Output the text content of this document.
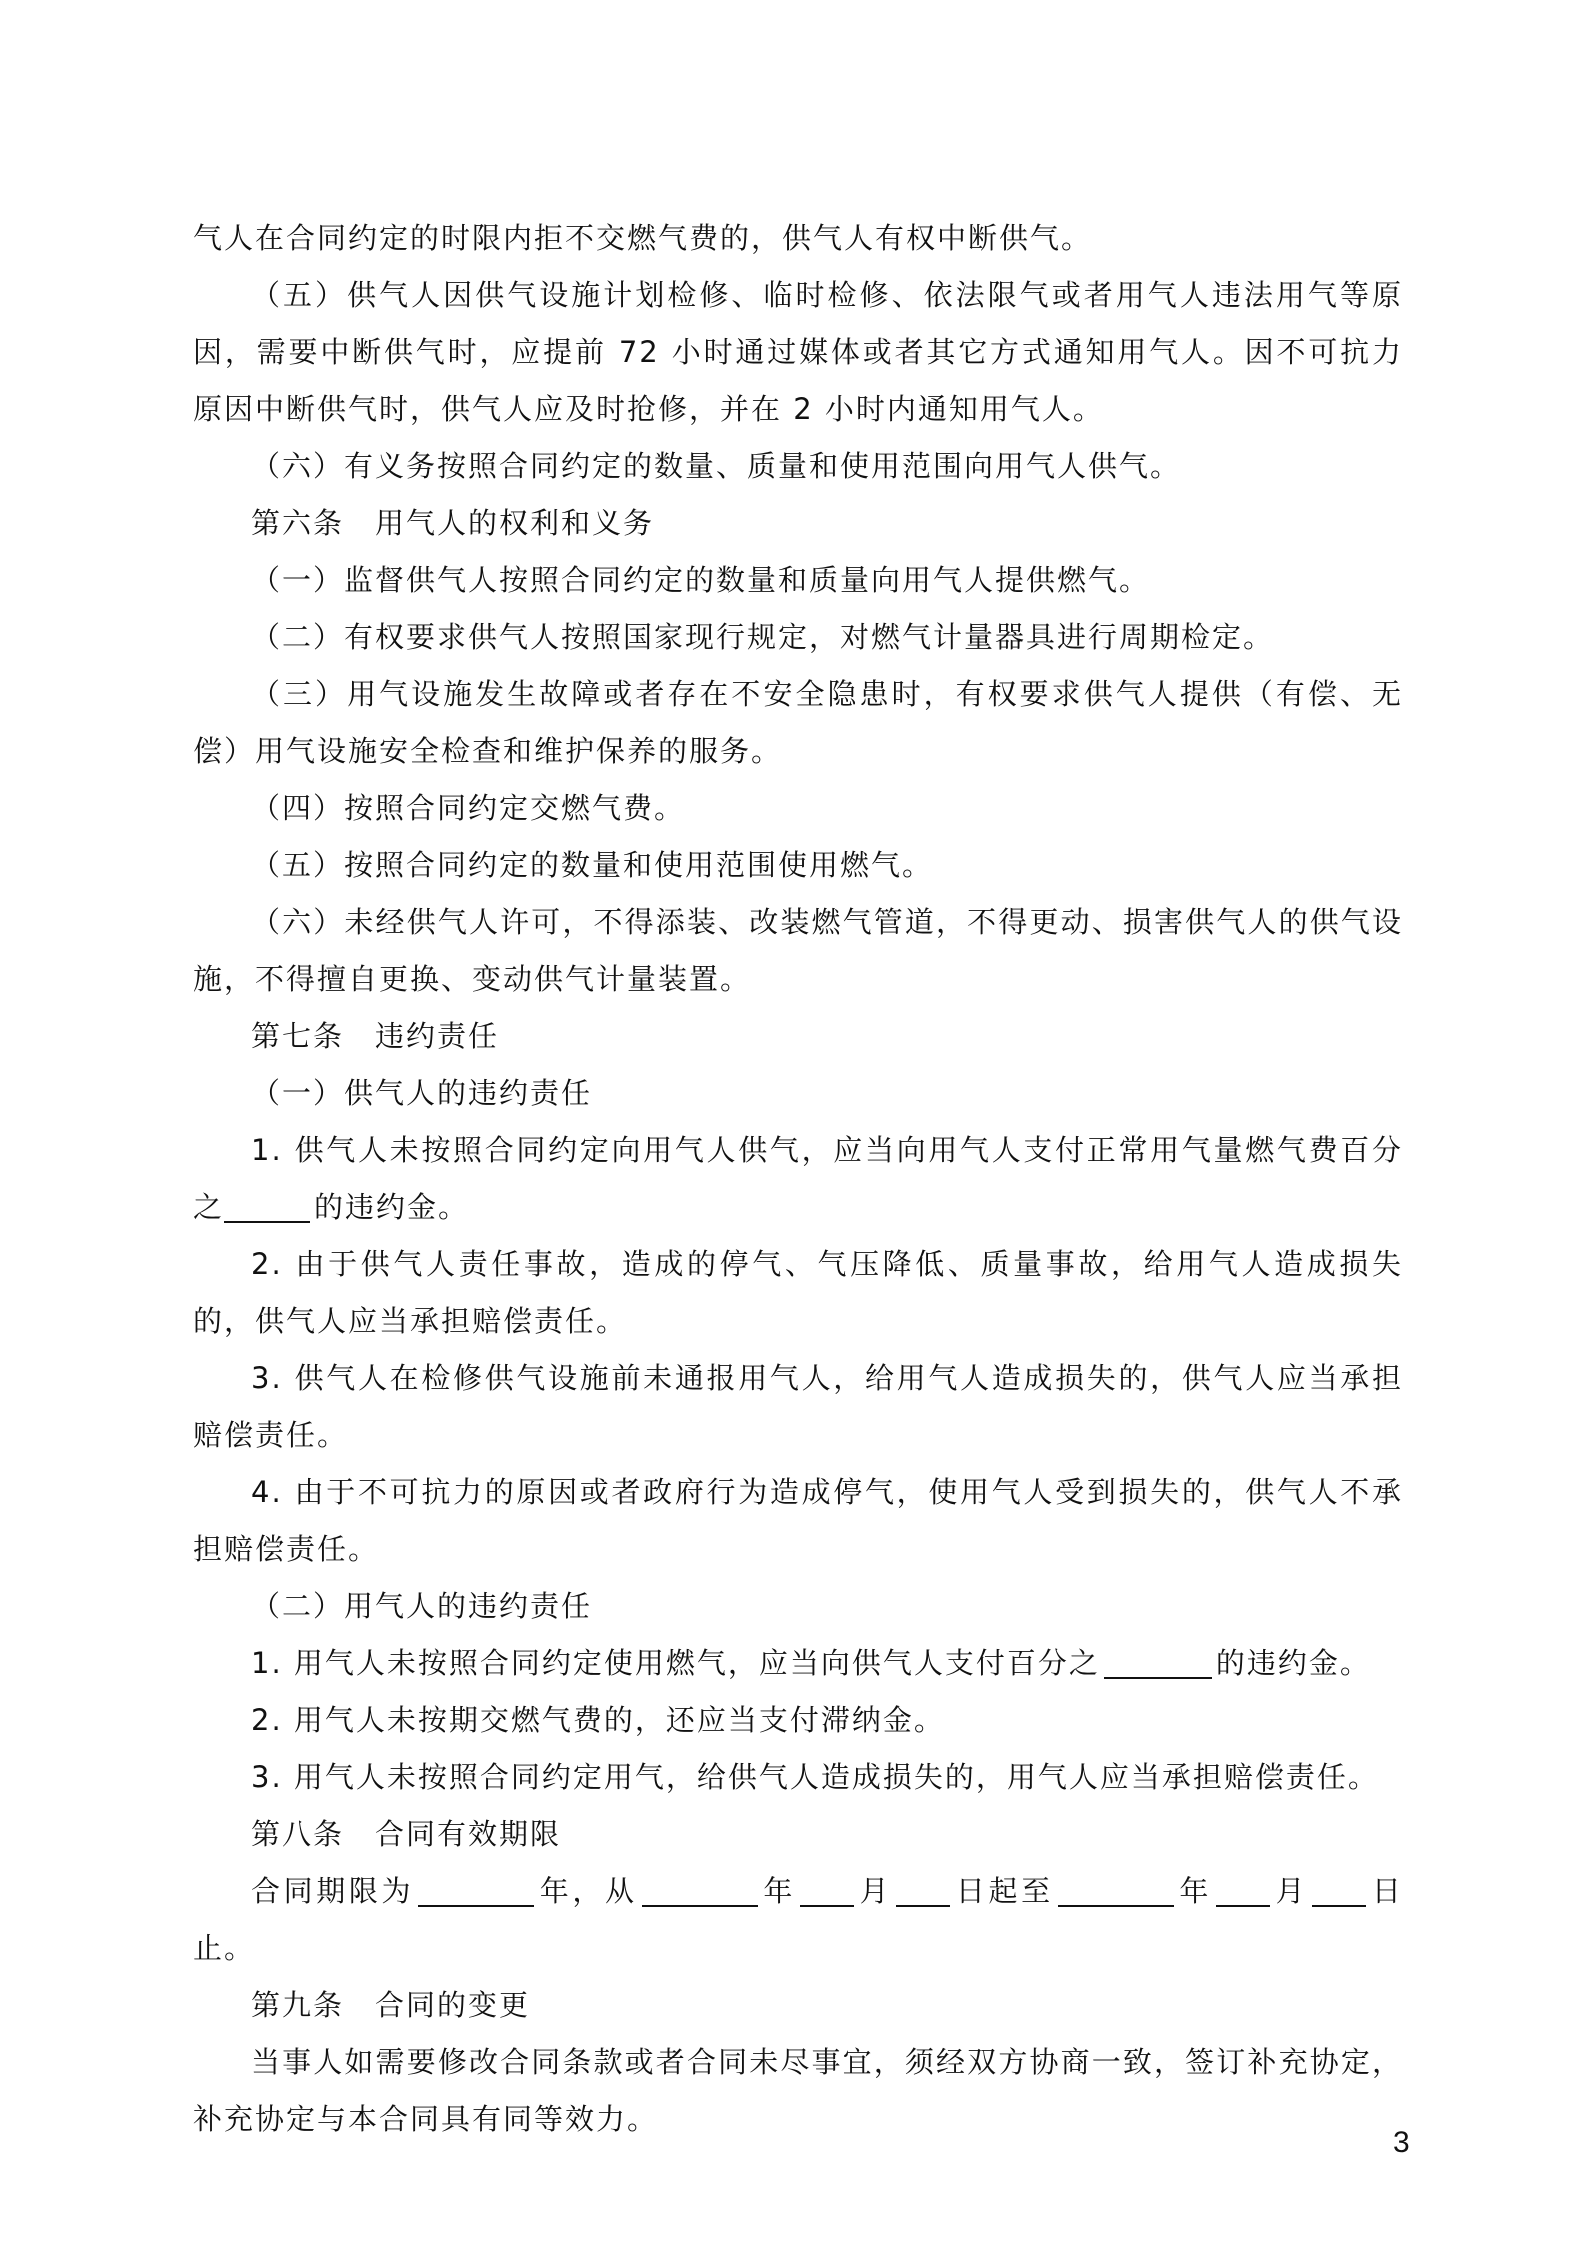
气人在合同约定的时限内拒不交燃气费的，供气人有权中断供气。

（五）供气人因供气设施计划检修、临时检修、依法限气或者用气人违法用气等原因，需要中断供气时，应提前 72 小时通过媒体或者其它方式通知用气人。因不可抗力原因中断供气时，供气人应及时抢修，并在 2 小时内通知用气人。

（六）有义务按照合同约定的数量、质量和使用范围向用气人供气。

第六条　用气人的权利和义务

（一）监督供气人按照合同约定的数量和质量向用气人提供燃气。

（二）有权要求供气人按照国家现行规定，对燃气计量器具进行周期检定。

（三）用气设施发生故障或者存在不安全隐患时，有权要求供气人提供（有偿、无偿）用气设施安全检查和维护保养的服务。

（四）按照合同约定交燃气费。

（五）按照合同约定的数量和使用范围使用燃气。

（六）未经供气人许可，不得添装、改装燃气管道，不得更动、损害供气人的供气设施，不得擅自更换、变动供气计量装置。

第七条　违约责任

（一）供气人的违约责任

1. 供气人未按照合同约定向用气人供气，应当向用气人支付正常用气量燃气费百分之	的违约金。

2. 由于供气人责任事故，造成的停气、气压降低、质量事故，给用气人造成损失的，供气人应当承担赔偿责任。

3. 供气人在检修供气设施前未通报用气人，给用气人造成损失的，供气人应当承担赔偿责任。

4. 由于不可抗力的原因或者政府行为造成停气，使用气人受到损失的，供气人不承担赔偿责任。

（二）用气人的违约责任

1. 用气人未按照合同约定使用燃气，应当向供气人支付百分之	的违约金。

2. 用气人未按期交燃气费的，还应当支付滞纳金。

3. 用气人未按照合同约定用气，给供气人造成损失的，用气人应当承担赔偿责任。

第八条　合同有效期限

合同期限为	年，从	年 月 日起至	年 月 日止。

第九条　合同的变更

当事人如需要修改合同条款或者合同未尽事宜，须经双方协商一致，签订补充协定，补充协定与本合同具有同等效力。

3
